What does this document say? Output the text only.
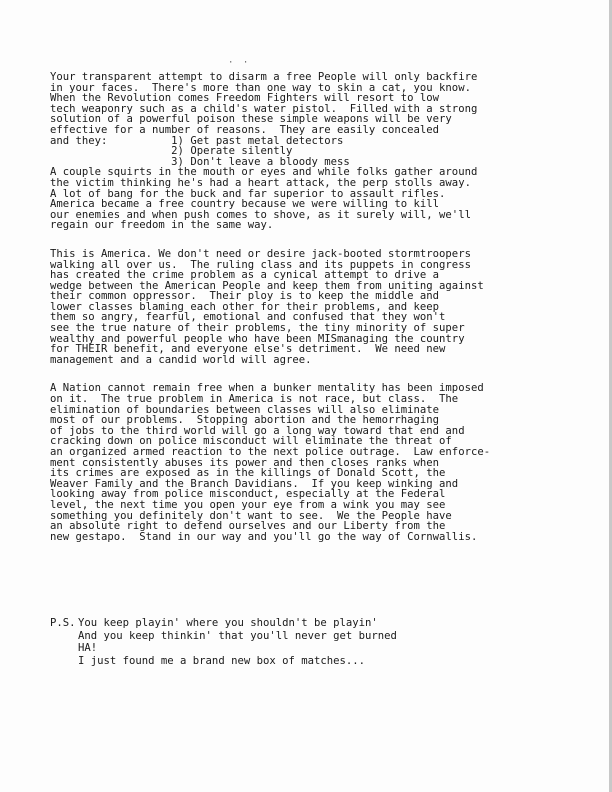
· ·
Your transparent attempt to disarm a free People will only backfire
in your faces.  There's more than one way to skin a cat, you know.
When the Revolution comes Freedom Fighters will resort to low
tech weaponry such as a child's water pistol.  Filled with a strong
solution of a powerful poison these simple weapons will be very
effective for a number of reasons.  They are easily concealed
and they:          1) Get past metal detectors
2) Operate silently
3) Don't leave a bloody mess
A couple squirts in the mouth or eyes and while folks gather around
the victim thinking he's had a heart attack, the perp stolls away.
A lot of bang for the buck and far superior to assault rifles.
America became a free country because we were willing to kill
our enemies and when push comes to shove, as it surely will, we'll
regain our freedom in the same way.
This is America. We don't need or desire jack-booted stormtroopers
walking all over us.  The ruling class and its puppets in congress
has created the crime problem as a cynical attempt to drive a
wedge between the American People and keep them from uniting against
their common oppressor.  Their ploy is to keep the middle and
lower classes blaming each other for their problems, and keep
them so angry, fearful, emotional and confused that they won't
see the true nature of their problems, the tiny minority of super
wealthy and powerful people who have been MISmanaging the country
for THEIR benefit, and everyone else's detriment.  We need new
management and a candid world will agree.
A Nation cannot remain free when a bunker mentality has been imposed
on it.  The true problem in America is not race, but class.  The
elimination of boundaries between classes will also eliminate
most of our problems.  Stopping abortion and the hemorrhaging
of jobs to the third world will go a long way toward that end and
cracking down on police misconduct will eliminate the threat of
an organized armed reaction to the next police outrage.  Law enforce-
ment consistently abuses its power and then closes ranks when
its crimes are exposed as in the killings of Donald Scott, the
Weaver Family and the Branch Davidians.  If you keep winking and
looking away from police misconduct, especially at the Federal
level, the next time you open your eye from a wink you may see
something you definitely don't want to see.  We the People have
an absolute right to defend ourselves and our Liberty from the
new gestapo.  Stand in our way and you'll go the way of Cornwallis.
P.S. You keep playin' where you shouldn't be playin'
And you keep thinkin' that you'll never get burned
HA!
I just found me a brand new box of matches...
